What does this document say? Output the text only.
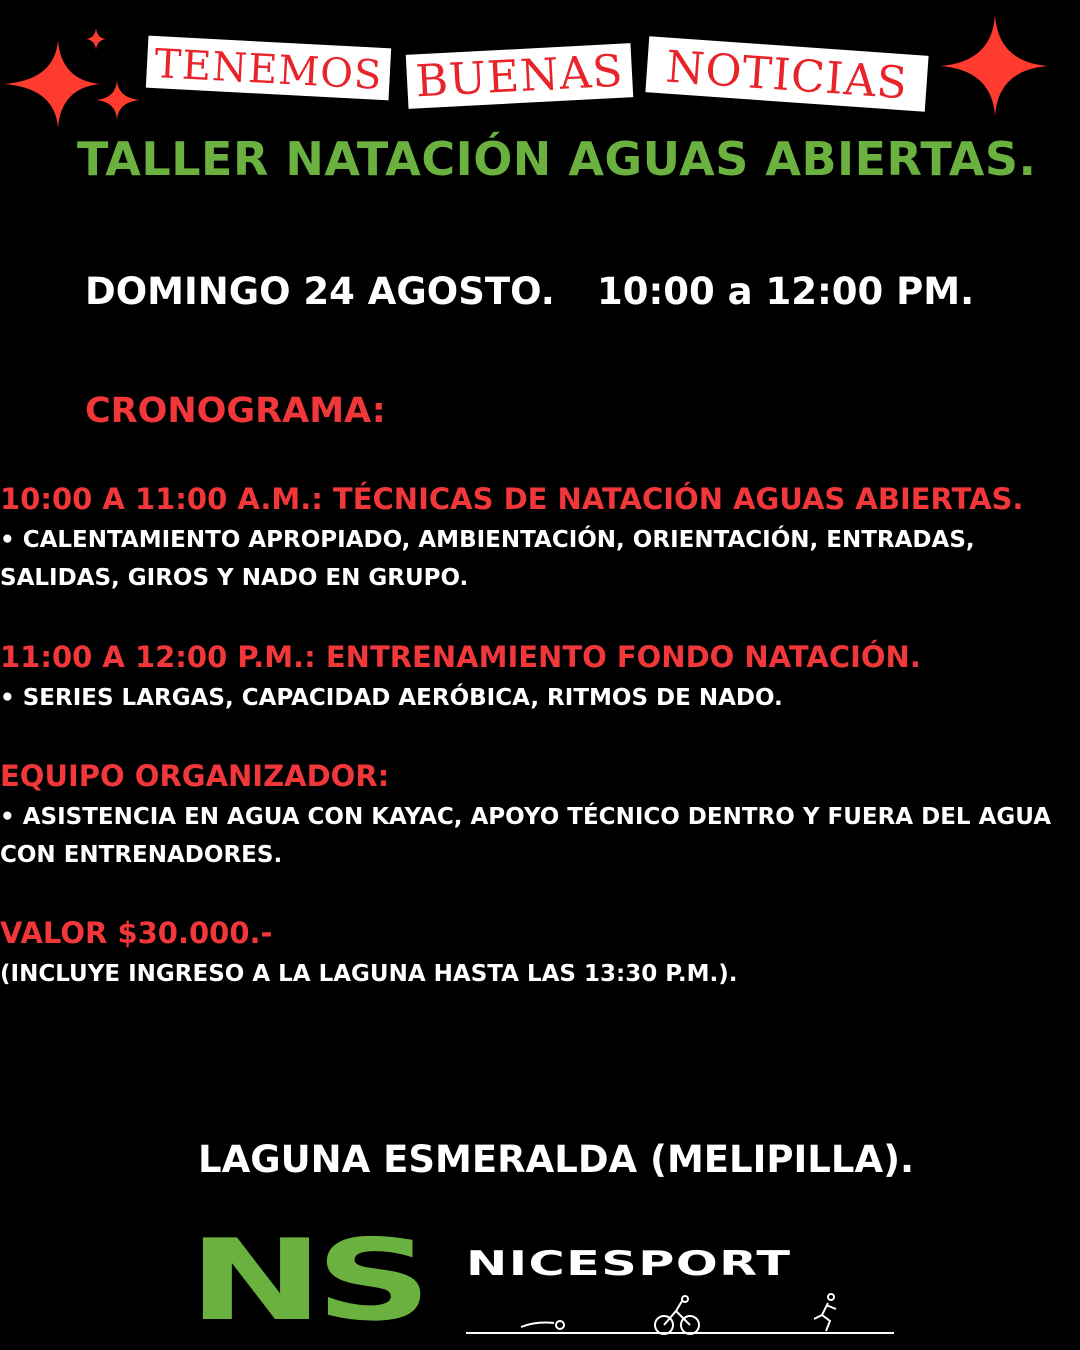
TENEMOS BUENAS NOTICIAS
TALLER NATACIÓN AGUAS ABIERTAS.
DOMINGO 24 AGOSTO. 10:00 a 12:00 PM.
CRONOGRAMA:
10:00 A 11:00 A.M.: TÉCNICAS DE NATACIÓN AGUAS ABIERTAS.
• CALENTAMIENTO APROPIADO, AMBIENTACIÓN, ORIENTACIÓN, ENTRADAS, SALIDAS, GIROS Y NADO EN GRUPO.
11:00 A 12:00 P.M.: ENTRENAMIENTO FONDO NATACIÓN.
• SERIES LARGAS, CAPACIDAD AERÓBICA, RITMOS DE NADO.
EQUIPO ORGANIZADOR:
• ASISTENCIA EN AGUA CON KAYAC, APOYO TÉCNICO DENTRO Y FUERA DEL AGUA CON ENTRENADORES.
VALOR $30.000.-
(INCLUYE INGRESO A LA LAGUNA HASTA LAS 13:30 P.M.).
LAGUNA ESMERALDA (MELIPILLA).
NS NICESPORT
